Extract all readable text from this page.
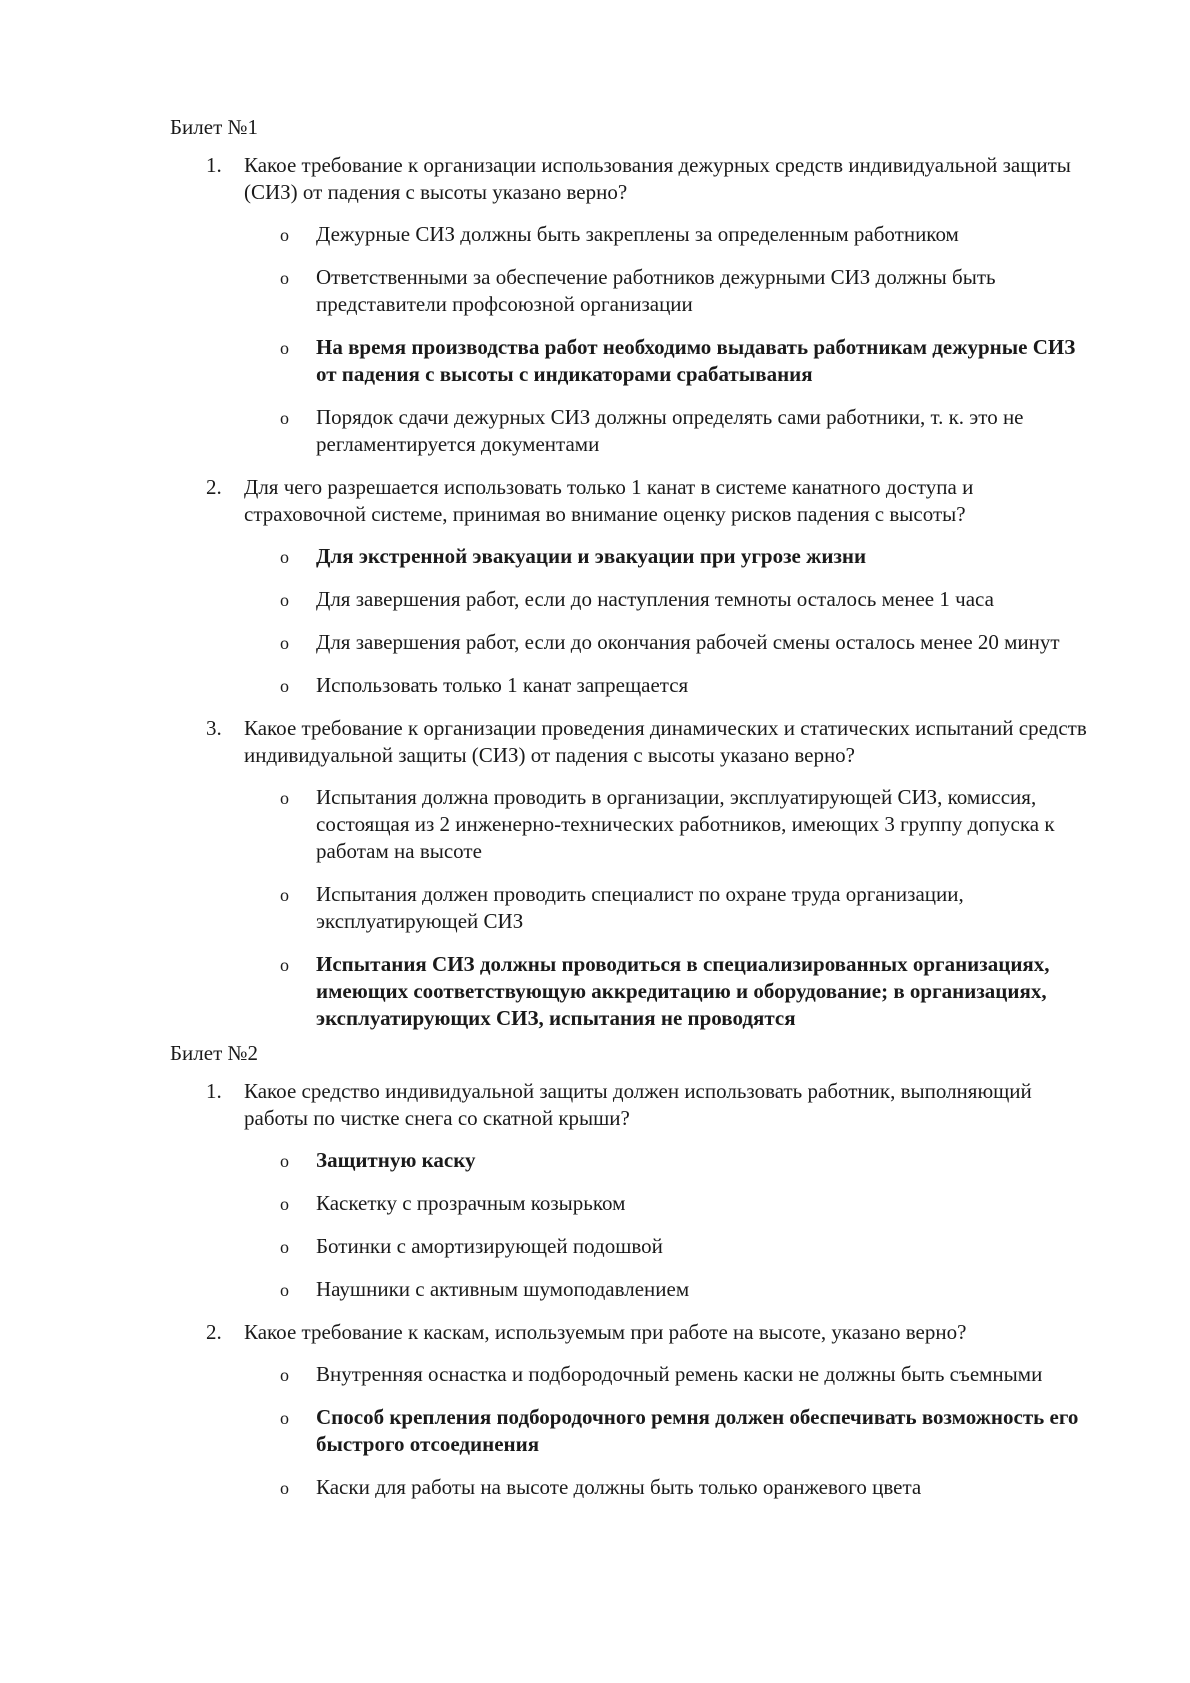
Билет №1
1. Какое требование к организации использования дежурных средств индивидуальной защиты (СИЗ) от падения с высоты указано верно?
o Дежурные СИЗ должны быть закреплены за определенным работником
o Ответственными за обеспечение работников дежурными СИЗ должны быть представители профсоюзной организации
o На время производства работ необходимо выдавать работникам дежурные СИЗ от падения с высоты с индикаторами срабатывания
o Порядок сдачи дежурных СИЗ должны определять сами работники, т. к. это не регламентируется документами
2. Для чего разрешается использовать только 1 канат в системе канатного доступа и страховочной системе, принимая во внимание оценку рисков падения с высоты?
o Для экстренной эвакуации и эвакуации при угрозе жизни
o Для завершения работ, если до наступления темноты осталось менее 1 часа
o Для завершения работ, если до окончания рабочей смены осталось менее 20 минут
o Использовать только 1 канат запрещается
3. Какое требование к организации проведения динамических и статических испытаний средств индивидуальной защиты (СИЗ) от падения с высоты указано верно?
o Испытания должна проводить в организации, эксплуатирующей СИЗ, комиссия, состоящая из 2 инженерно-технических работников, имеющих 3 группу допуска к работам на высоте
o Испытания должен проводить специалист по охране труда организации, эксплуатирующей СИЗ
o Испытания СИЗ должны проводиться в специализированных организациях, имеющих соответствующую аккредитацию и оборудование; в организациях, эксплуатирующих СИЗ, испытания не проводятся
Билет №2
1. Какое средство индивидуальной защиты должен использовать работник, выполняющий работы по чистке снега со скатной крыши?
o Защитную каску
o Каскетку с прозрачным козырьком
o Ботинки с амортизирующей подошвой
o Наушники с активным шумоподавлением
2. Какое требование к каскам, используемым при работе на высоте, указано верно?
o Внутренняя оснастка и подбородочный ремень каски не должны быть съемными
o Способ крепления подбородочного ремня должен обеспечивать возможность его быстрого отсоединения
o Каски для работы на высоте должны быть только оранжевого цвета
